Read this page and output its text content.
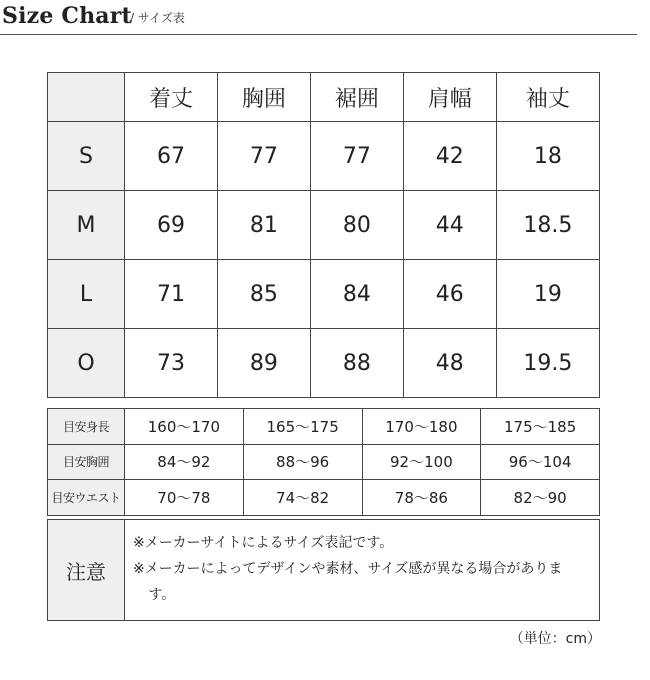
Size Chart
/ サイズ表
	着丈	胸囲	裾囲	肩幅	袖丈
S	67	77	77	42	18
M	69	81	80	44	18.5
L	71	85	84	46	19
O	73	89	88	48	19.5
目安身長	160〜170	165〜175	170〜180	175〜185
目安胸囲	84〜92	88〜96	92〜100	96〜104
目安ウエスト	70〜78	74〜82	78〜86	82〜90
注意	
※メーカーサイトによるサイズ表記です。
※メーカーによってデザインや素材、サイズ感が異なる場合があります。
（単位：cm）
